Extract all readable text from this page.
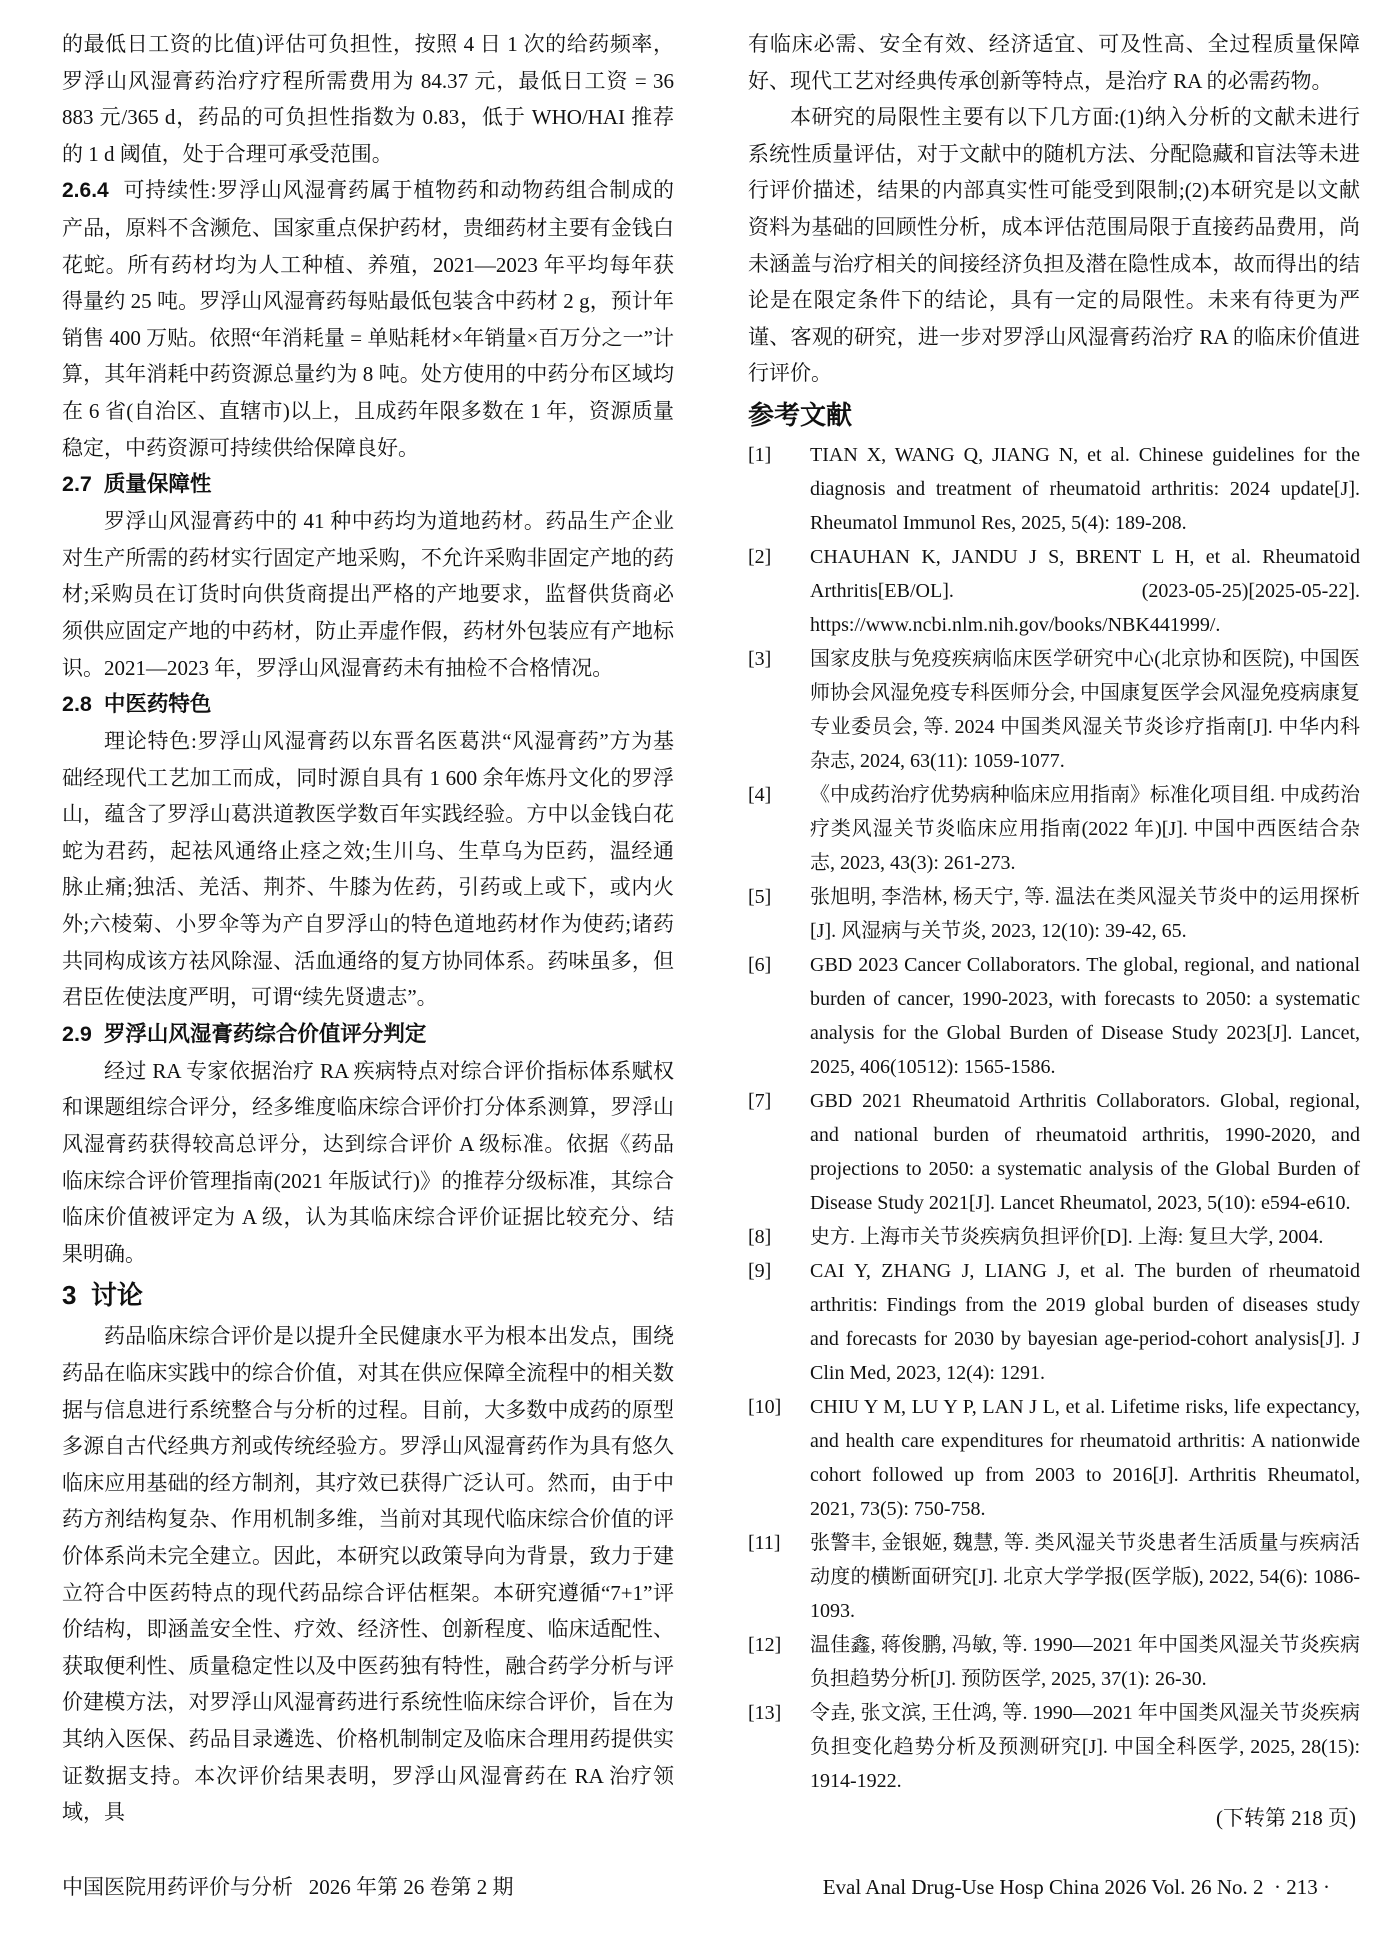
的最低日工资的比值)评估可负担性，按照 4 日 1 次的给药频率，罗浮山风湿膏药治疗疗程所需费用为 84.37 元，最低日工资 = 36 883 元/365 d，药品的可负担性指数为 0.83，低于 WHO/HAI 推荐的 1 d 阈值，处于合理可承受范围。

2.6.4 可持续性:罗浮山风湿膏药属于植物药和动物药组合制成的产品，原料不含濒危、国家重点保护药材，贵细药材主要有金钱白花蛇。所有药材均为人工种植、养殖，2021—2023 年平均每年获得量约 25 吨。罗浮山风湿膏药每贴最低包装含中药材 2 g，预计年销售 400 万贴。依照“年消耗量 = 单贴耗材×年销量×百万分之一”计算，其年消耗中药资源总量约为 8 吨。处方使用的中药分布区域均在 6 省(自治区、直辖市)以上，且成药年限多数在 1 年，资源质量稳定，中药资源可持续供给保障良好。

2.7  质量保障性

罗浮山风湿膏药中的 41 种中药均为道地药材。药品生产企业对生产所需的药材实行固定产地采购，不允许采购非固定产地的药材;采购员在订货时向供货商提出严格的产地要求，监督供货商必须供应固定产地的中药材，防止弄虚作假，药材外包装应有产地标识。2021—2023 年，罗浮山风湿膏药未有抽检不合格情况。

2.8  中医药特色

理论特色:罗浮山风湿膏药以东晋名医葛洪“风湿膏药”方为基础经现代工艺加工而成，同时源自具有 1 600 余年炼丹文化的罗浮山，蕴含了罗浮山葛洪道教医学数百年实践经验。方中以金钱白花蛇为君药，起祛风通络止痉之效;生川乌、生草乌为臣药，温经通脉止痛;独活、羌活、荆芥、牛膝为佐药，引药或上或下，或内火外;六棱菊、小罗伞等为产自罗浮山的特色道地药材作为使药;诸药共同构成该方祛风除湿、活血通络的复方协同体系。药味虽多，但君臣佐使法度严明，可谓“续先贤遗志”。

2.9  罗浮山风湿膏药综合价值评分判定

经过 RA 专家依据治疗 RA 疾病特点对综合评价指标体系赋权和课题组综合评分，经多维度临床综合评价打分体系测算，罗浮山风湿膏药获得较高总评分，达到综合评价 A 级标准。依据《药品临床综合评价管理指南(2021 年版试行)》的推荐分级标准，其综合临床价值被评定为 A 级，认为其临床综合评价证据比较充分、结果明确。

3  讨论

药品临床综合评价是以提升全民健康水平为根本出发点，围绕药品在临床实践中的综合价值，对其在供应保障全流程中的相关数据与信息进行系统整合与分析的过程。目前，大多数中成药的原型多源自古代经典方剂或传统经验方。罗浮山风湿膏药作为具有悠久临床应用基础的经方制剂，其疗效已获得广泛认可。然而，由于中药方剂结构复杂、作用机制多维，当前对其现代临床综合价值的评价体系尚未完全建立。因此，本研究以政策导向为背景，致力于建立符合中医药特点的现代药品综合评估框架。本研究遵循“7+1”评价结构，即涵盖安全性、疗效、经济性、创新程度、临床适配性、获取便利性、质量稳定性以及中医药独有特性，融合药学分析与评价建模方法，对罗浮山风湿膏药进行系统性临床综合评价，旨在为其纳入医保、药品目录遴选、价格机制制定及临床合理用药提供实证数据支持。本次评价结果表明，罗浮山风湿膏药在 RA 治疗领域，具

有临床必需、安全有效、经济适宜、可及性高、全过程质量保障好、现代工艺对经典传承创新等特点，是治疗 RA 的必需药物。

本研究的局限性主要有以下几方面:(1)纳入分析的文献未进行系统性质量评估，对于文献中的随机方法、分配隐藏和盲法等未进行评价描述，结果的内部真实性可能受到限制;(2)本研究是以文献资料为基础的回顾性分析，成本评估范围局限于直接药品费用，尚未涵盖与治疗相关的间接经济负担及潜在隐性成本，故而得出的结论是在限定条件下的结论，具有一定的局限性。未来有待更为严谨、客观的研究，进一步对罗浮山风湿膏药治疗 RA 的临床价值进行评价。

参考文献

[1]	TIAN X, WANG Q, JIANG N, et al. Chinese guidelines for the diagnosis and treatment of rheumatoid arthritis: 2024 update[J]. Rheumatol Immunol Res, 2025, 5(4): 189-208.
[2]	CHAUHAN K, JANDU J S, BRENT L H, et al. Rheumatoid Arthritis[EB/OL]. (2023-05-25)[2025-05-22]. https://www.ncbi.nlm.nih.gov/books/NBK441999/.
[3]	国家皮肤与免疫疾病临床医学研究中心(北京协和医院), 中国医师协会风湿免疫专科医师分会, 中国康复医学会风湿免疫病康复专业委员会, 等. 2024 中国类风湿关节炎诊疗指南[J]. 中华内科杂志, 2024, 63(11): 1059-1077.
[4]	《中成药治疗优势病种临床应用指南》标准化项目组. 中成药治疗类风湿关节炎临床应用指南(2022 年)[J]. 中国中西医结合杂志, 2023, 43(3): 261-273.
[5]	张旭明, 李浩林, 杨天宁, 等. 温法在类风湿关节炎中的运用探析[J]. 风湿病与关节炎, 2023, 12(10): 39-42, 65.
[6]	GBD 2023 Cancer Collaborators. The global, regional, and national burden of cancer, 1990-2023, with forecasts to 2050: a systematic analysis for the Global Burden of Disease Study 2023[J]. Lancet, 2025, 406(10512): 1565-1586.
[7]	GBD 2021 Rheumatoid Arthritis Collaborators. Global, regional, and national burden of rheumatoid arthritis, 1990-2020, and projections to 2050: a systematic analysis of the Global Burden of Disease Study 2021[J]. Lancet Rheumatol, 2023, 5(10): e594-e610.
[8]	史方. 上海市关节炎疾病负担评价[D]. 上海: 复旦大学, 2004.
[9]	CAI Y, ZHANG J, LIANG J, et al. The burden of rheumatoid arthritis: Findings from the 2019 global burden of diseases study and forecasts for 2030 by bayesian age-period-cohort analysis[J]. J Clin Med, 2023, 12(4): 1291.
[10]	CHIU Y M, LU Y P, LAN J L, et al. Lifetime risks, life expectancy, and health care expenditures for rheumatoid arthritis: A nationwide cohort followed up from 2003 to 2016[J]. Arthritis Rheumatol, 2021, 73(5): 750-758.
[11]	张警丰, 金银姬, 魏慧, 等. 类风湿关节炎患者生活质量与疾病活动度的横断面研究[J]. 北京大学学报(医学版), 2022, 54(6): 1086-1093.
[12]	温佳鑫, 蒋俊鹏, 冯敏, 等. 1990—2021 年中国类风湿关节炎疾病负担趋势分析[J]. 预防医学, 2025, 37(1): 26-30.
[13]	令垚, 张文滨, 王仕鸿, 等. 1990—2021 年中国类风湿关节炎疾病负担变化趋势分析及预测研究[J]. 中国全科医学, 2025, 28(15): 1914-1922.

(下转第 218 页)

中国医院用药评价与分析   2026 年第 26 卷第 2 期	Eval Anal Drug-Use Hosp China 2026 Vol. 26 No. 2  · 213 ·
